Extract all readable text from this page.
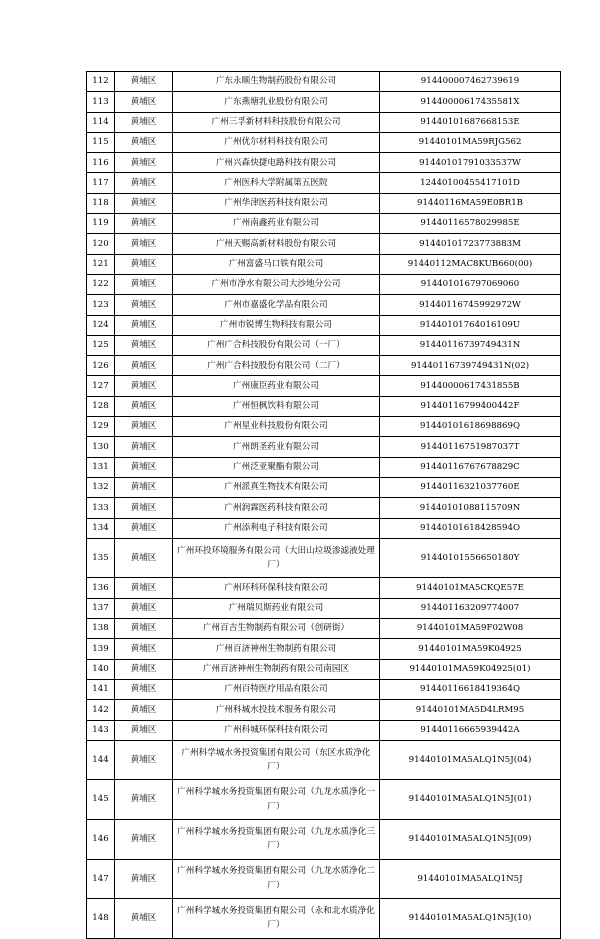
112	黄埔区	广东永顺生物制药股份有限公司	914400007462739619
113	黄埔区	广东燕塘乳业股份有限公司	91440000617435581X
114	黄埔区	广州三孚新材料科技股份有限公司	91440101687668153E
115	黄埔区	广州优尔材料科技有限公司	91440101MA59RJG562
116	黄埔区	广州兴森快捷电路科技有限公司	91440101791033537W
117	黄埔区	广州医科大学附属第五医院	12440100455417101D
118	黄埔区	广州华津医药科技有限公司	91440116MA59E0BR1B
119	黄埔区	广州南鑫药业有限公司	91440116578029985E
120	黄埔区	广州天赐高新材料股份有限公司	91440101723773883M
121	黄埔区	广州富盛马口铁有限公司	91440112MAC8KUB660(00)
122	黄埔区	广州市净水有限公司大沙地分公司	914401016797069060
123	黄埔区	广州市嘉盛化学品有限公司	91440116745992972W
124	黄埔区	广州市锐博生物科技有限公司	91440101764016109U
125	黄埔区	广州广合科技股份有限公司（一厂）	91440116739749431N
126	黄埔区	广州广合科技股份有限公司（二厂）	91440116739749431N(02)
127	黄埔区	广州康臣药业有限公司	91440000617431855B
128	黄埔区	广州恒枫饮料有限公司	91440116799400442F
129	黄埔区	广州星业科技股份有限公司	91440101618698869Q
130	黄埔区	广州朗圣药业有限公司	91440116751987037T
131	黄埔区	广州泛亚聚酯有限公司	91440116767678829C
132	黄埔区	广州派真生物技术有限公司	91440116321037760E
133	黄埔区	广州润霖医药科技有限公司	91440101088115709N
134	黄埔区	广州添利电子科技有限公司	91440101618428594O
135	黄埔区	广州环投环境服务有限公司（大田山垃圾渗滤液处理厂）	91440101556650180Y
136	黄埔区	广州环科环保科技有限公司	91440101MA5CKQE57E
137	黄埔区	广州瑞贝斯药业有限公司	914401163209774007
138	黄埔区	广州百吉生物制药有限公司（创研街）	91440101MA59F02W08
139	黄埔区	广州百济神州生物制药有限公司	91440101MA59K04925
140	黄埔区	广州百济神州生物制药有限公司南园区	91440101MA59K04925(01)
141	黄埔区	广州百特医疗用品有限公司	91440116618419364Q
142	黄埔区	广州科城水投技术服务有限公司	91440101MA5D4LRM95
143	黄埔区	广州科城环保科技有限公司	91440116665939442A
144	黄埔区	广州科学城水务投资集团有限公司（东区水质净化厂）	91440101MA5ALQ1N5J(04)
145	黄埔区	广州科学城水务投资集团有限公司（九龙水质净化一厂）	91440101MA5ALQ1N5J(01)
146	黄埔区	广州科学城水务投资集团有限公司（九龙水质净化三厂）	91440101MA5ALQ1N5J(09)
147	黄埔区	广州科学城水务投资集团有限公司（九龙水质净化二厂）	91440101MA5ALQ1N5J
148	黄埔区	广州科学城水务投资集团有限公司（永和北水质净化厂）	91440101MA5ALQ1N5J(10)
